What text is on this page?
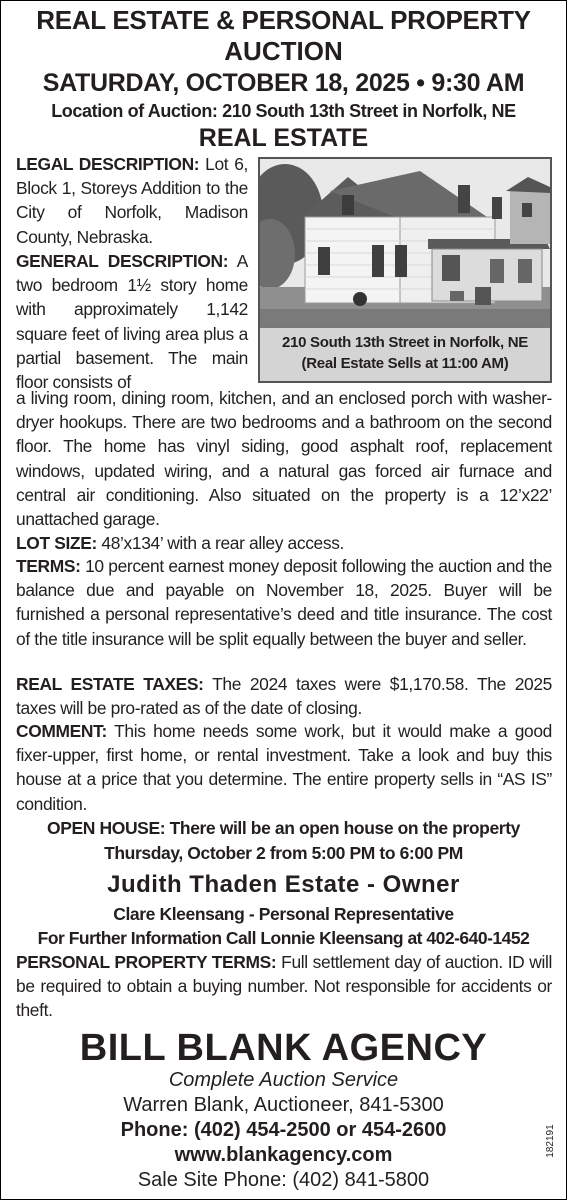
REAL ESTATE & PERSONAL PROPERTY
AUCTION
SATURDAY, OCTOBER 18, 2025 • 9:30 AM
Location of Auction: 210 South 13th Street in Norfolk, NE
REAL ESTATE
210 South 13th Street in Norfolk, NE
(Real Estate Sells at 11:00 AM)
LEGAL DESCRIPTION: Lot 6, Block 1, Storeys Addition to the City of Norfolk, Madison County, Nebraska.
GENERAL DESCRIPTION: A two bedroom 1½ story home with approximately 1,142 square feet of living area plus a partial basement. The main floor consists of
a living room, dining room, kitchen, and an enclosed porch with washer-dryer hookups. There are two bedrooms and a bathroom on the second floor. The home has vinyl siding, good asphalt roof, replacement windows, updated wiring, and a natural gas forced air furnace and central air conditioning. Also situated on the property is a 12’x22’ unattached garage.
LOT SIZE: 48’x134’ with a rear alley access.
TERMS: 10 percent earnest money deposit following the auction and the balance due and payable on November 18, 2025. Buyer will be furnished a personal representative’s deed and title insurance. The cost of the title insurance will be split equally between the buyer and seller.
REAL ESTATE TAXES: The 2024 taxes were $1,170.58. The 2025 taxes will be pro-rated as of the date of closing.
COMMENT: This home needs some work, but it would make a good fixer-upper, first home, or rental investment. Take a look and buy this house at a price that you determine. The entire property sells in “AS IS” condition.
OPEN HOUSE: There will be an open house on the property
Thursday, October 2 from 5:00 PM to 6:00 PM
Judith Thaden Estate - Owner
Clare Kleensang - Personal Representative
For Further Information Call Lonnie Kleensang at 402-640-1452
PERSONAL PROPERTY TERMS: Full settlement day of auction. ID will be required to obtain a buying number. Not responsible for accidents or theft.
BILL BLANK AGENCY
Complete Auction Service
Warren Blank, Auctioneer, 841-5300
Phone: (402) 454-2500 or 454-2600
www.blankagency.com
Sale Site Phone: (402) 841-5800
182191
